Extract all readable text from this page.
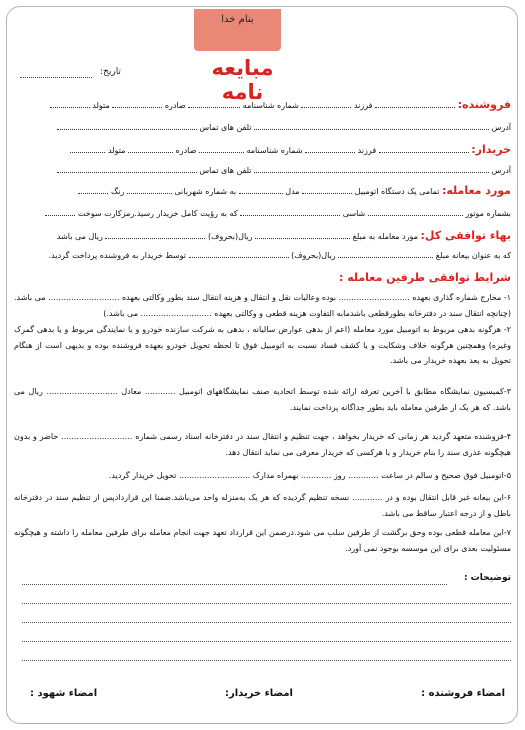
بنام خدا
مبایعه نامه
تاریخ:
فروشنده:  فرزند  شماره شناسنامه  صادره  متولد
آدرس  تلفن های تماس
خریدار:  فرزند  شماره شناسنامه  صادره  متولد
آدرس  تلفن های تماس
مورد معامله: تمامی یک دستگاه اتومبیل  مدل  به شماره شهربانی  رنگ
بشماره موتور  شاسی  که به رؤیت کامل خریدار رسید.رمزکارت سوخت
بهاء توافقی کل: مورد معامله به مبلغ  ریال(بحروف)  ریال می باشد
که به عنوان بیعانه مبلغ  ریال(بحروف)  توسط خریدار به فروشنده پرداخت گردید.
شرایط توافقی طرفین معامله :
۱- مخارج شماره گذاری بعهده ............................ بوده وعالیات نقل و انتقال و هزینه انتقال سند بطور وکالتی بعهده ............................ می باشد. (چنانچه انتقال سند در دفترخانه بطورقطعی باشدمابه التفاوت هزینه قطعی و وکالتی بعهده ............................ می باشد.)
۲- هرگونه بدهی مربوط به اتومبیل مورد معامله (اعم از بدهی عوارض سالیانه ، بدهی به شرکت سازنده خودرو و یا نمایندگی مربوط و یا بدهی گمرک وغیره) وهمچنین هرگونه خلاف وشکایت و یا کشف فساد نسبت به اتومبیل فوق تا لحظه تحویل خودرو بعهده فروشنده بوده و بدیهی است از هنگام تحویل به بعد بعهده خریدار می باشد.
۳-کمیسیون نمایشگاه مطابق با آخرین تعرفه ارائه شده توسط اتحادیه صنف نمایشگاههای اتومبیل ............ معادل ............................ ریال می باشد. که هر یک از طرفین معامله باید بطور جداگانه پرداخت نمایند.
۴-فروشنده متعهد گردید هر زمانی که خریدار بخواهد ، جهت تنظیم و انتقال سند در دفترخانه اسناد رسمی شماره ............................ حاضر و بدون هیچگونه عذری سند را بنام خریدار و یا هرکسی که خریدار معرفی می نماید انتقال دهد.
۵-اتومبیل فوق صحیح و سالم در ساعت ............ روز ............ بهمراه مدارک ............................ تحویل خریدار گردید.
۶-این بیعانه غیر قابل انتقال بوده و در ............ نسخه تنظیم گردیده که هر یک به‌منزله واحد می‌باشد.ضمنا این قراردادپس از تنظیم سند در دفترخانه باطل و از درجه اعتبار ساقط می باشد.
۷-این معامله قطعی بوده وحق برگشت از طرفین سلب می شود.درضمن این قرارداد تعهد جهت انجام معامله برای طرفین معامله را داشته و هیچگونه مسئولیت بعدی برای این موسسه بوجود نمی آورد.
توضیحات :
امضاء فروشنده :
امضاء خریدار:
امضاء شهود :
